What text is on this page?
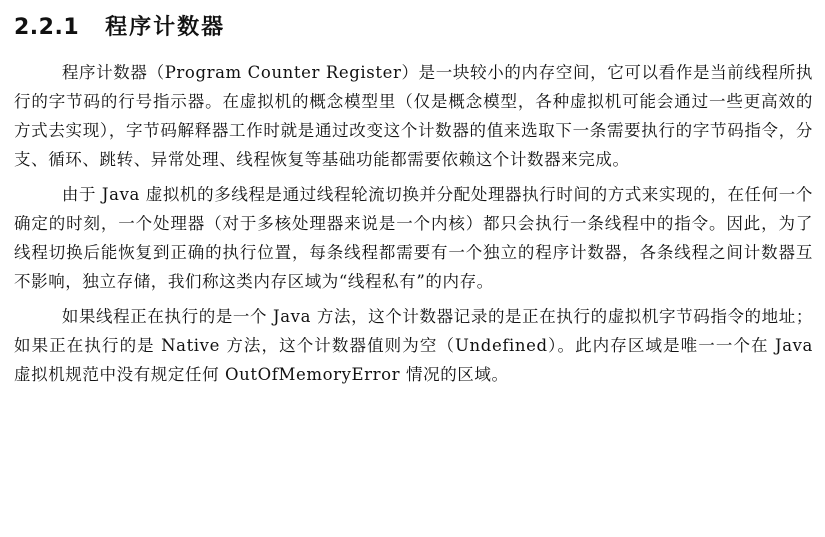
2.2.1 程序计数器

程序计数器（Program Counter Register）是一块较小的内存空间，它可以看作是当前线程所执行的字节码的行号指示器。在虚拟机的概念模型里（仅是概念模型，各种虚拟机可能会通过一些更高效的方式去实现），字节码解释器工作时就是通过改变这个计数器的值来选取下一条需要执行的字节码指令，分支、循环、跳转、异常处理、线程恢复等基础功能都需要依赖这个计数器来完成。

由于 Java 虚拟机的多线程是通过线程轮流切换并分配处理器执行时间的方式来实现的，在任何一个确定的时刻，一个处理器（对于多核处理器来说是一个内核）都只会执行一条线程中的指令。因此，为了线程切换后能恢复到正确的执行位置，每条线程都需要有一个独立的程序计数器，各条线程之间计数器互不影响，独立存储，我们称这类内存区域为“线程私有”的内存。

如果线程正在执行的是一个 Java 方法，这个计数器记录的是正在执行的虚拟机字节码指令的地址；如果正在执行的是 Native 方法，这个计数器值则为空（Undefined）。此内存区域是唯一一个在 Java 虚拟机规范中没有规定任何 OutOfMemoryError 情况的区域。
